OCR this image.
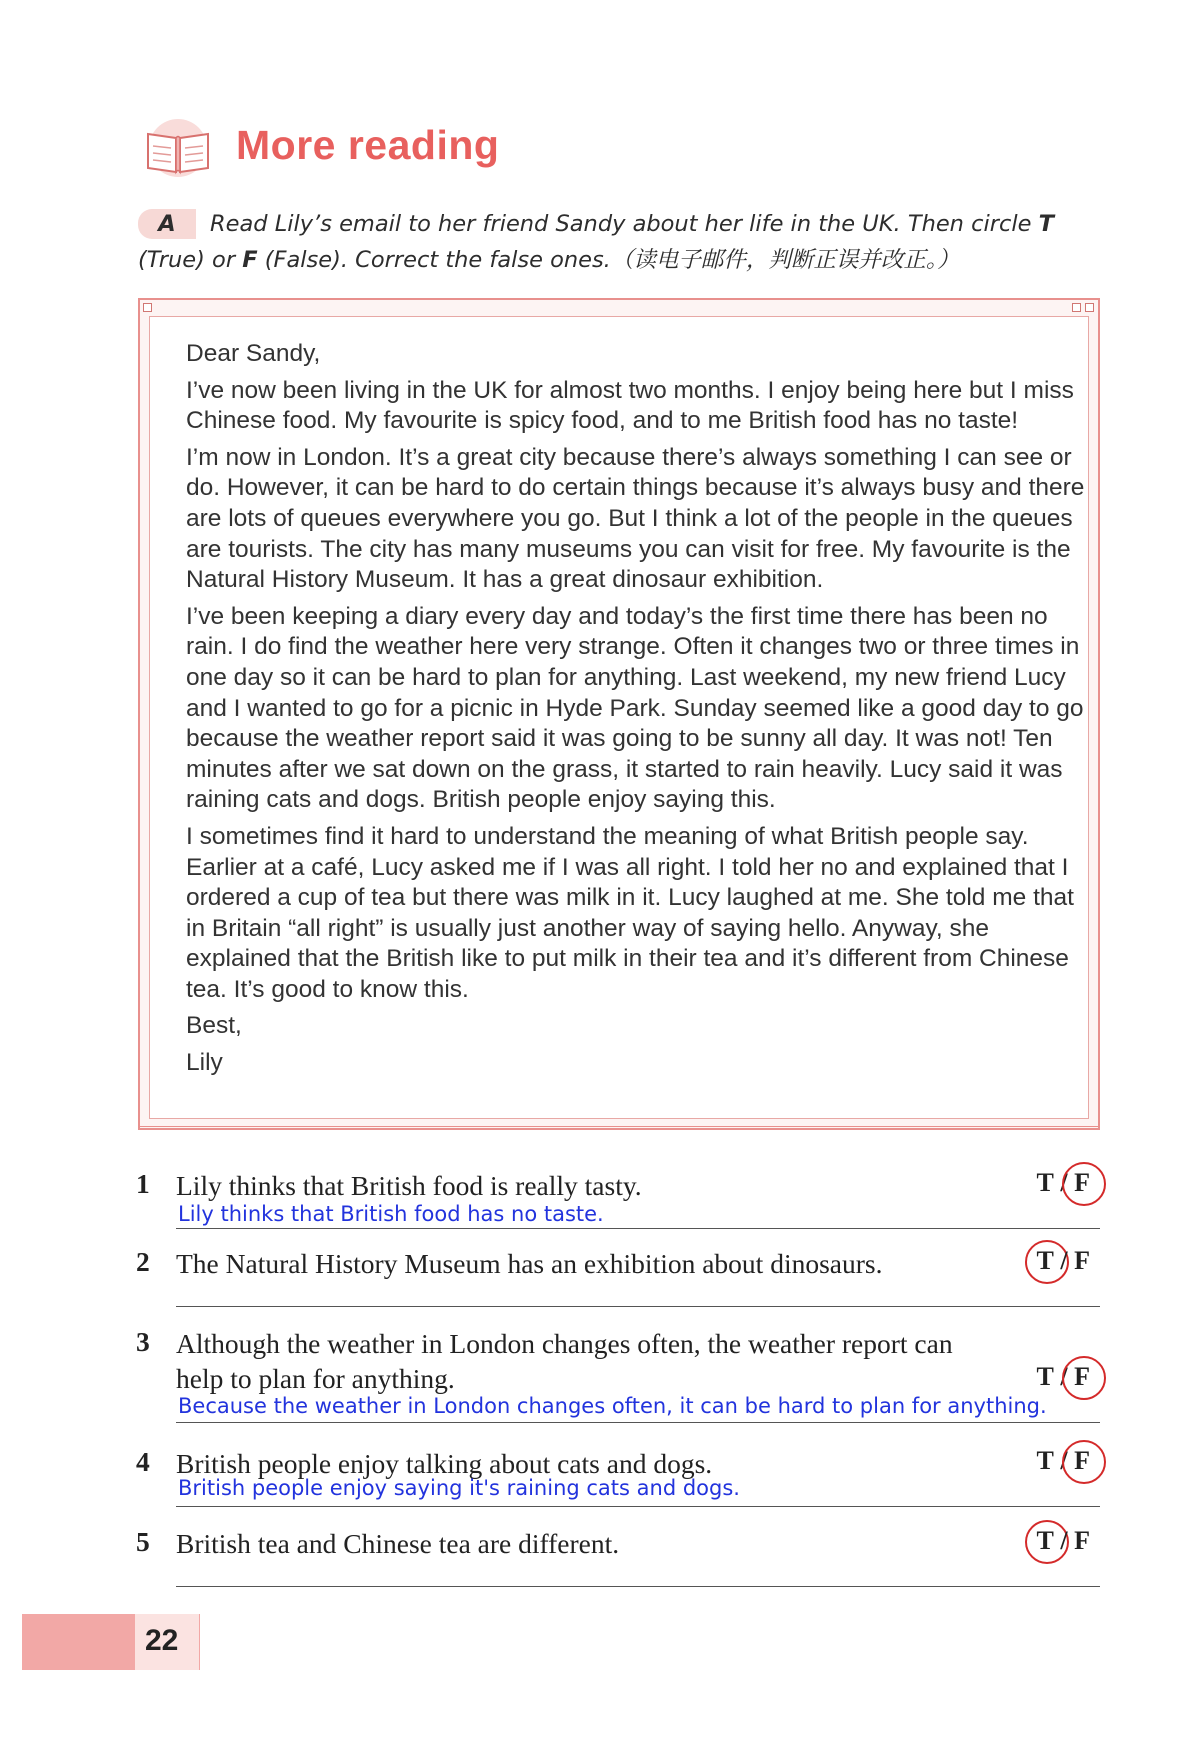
More reading

A Read Lily’s email to her friend Sandy about her life in the UK. Then circle T (True) or F (False). Correct the false ones.（读电子邮件，判断正误并改正。）

Dear Sandy,

I’ve now been living in the UK for almost two months. I enjoy being here but I miss Chinese food. My favourite is spicy food, and to me British food has no taste!

I’m now in London. It’s a great city because there’s always something I can see or do. However, it can be hard to do certain things because it’s always busy and there are lots of queues everywhere you go. But I think a lot of the people in the queues are tourists. The city has many museums you can visit for free. My favourite is the Natural History Museum. It has a great dinosaur exhibition.

I’ve been keeping a diary every day and today’s the first time there has been no rain. I do find the weather here very strange. Often it changes two or three times in one day so it can be hard to plan for anything. Last weekend, my new friend Lucy and I wanted to go for a picnic in Hyde Park. Sunday seemed like a good day to go because the weather report said it was going to be sunny all day. It was not! Ten minutes after we sat down on the grass, it started to rain heavily. Lucy said it was raining cats and dogs. British people enjoy saying this.

I sometimes find it hard to understand the meaning of what British people say. Earlier at a café, Lucy asked me if I was all right. I told her no and explained that I ordered a cup of tea but there was milk in it. Lucy laughed at me. She told me that in Britain “all right” is usually just another way of saying hello. Anyway, she explained that the British like to put milk in their tea and it’s different from Chinese tea. It’s good to know this.

Best,

Lily

1 Lily thinks that British food is really tasty.	T / F
Lily thinks that British food has no taste.
2 The Natural History Museum has an exhibition about dinosaurs.	T / F
3 Although the weather in London changes often, the weather report can help to plan for anything.	T / F
Because the weather in London changes often, it can be hard to plan for anything.
4 British people enjoy talking about cats and dogs.	T / F
British people enjoy saying it's raining cats and dogs.
5 British tea and Chinese tea are different.	T / F
22
